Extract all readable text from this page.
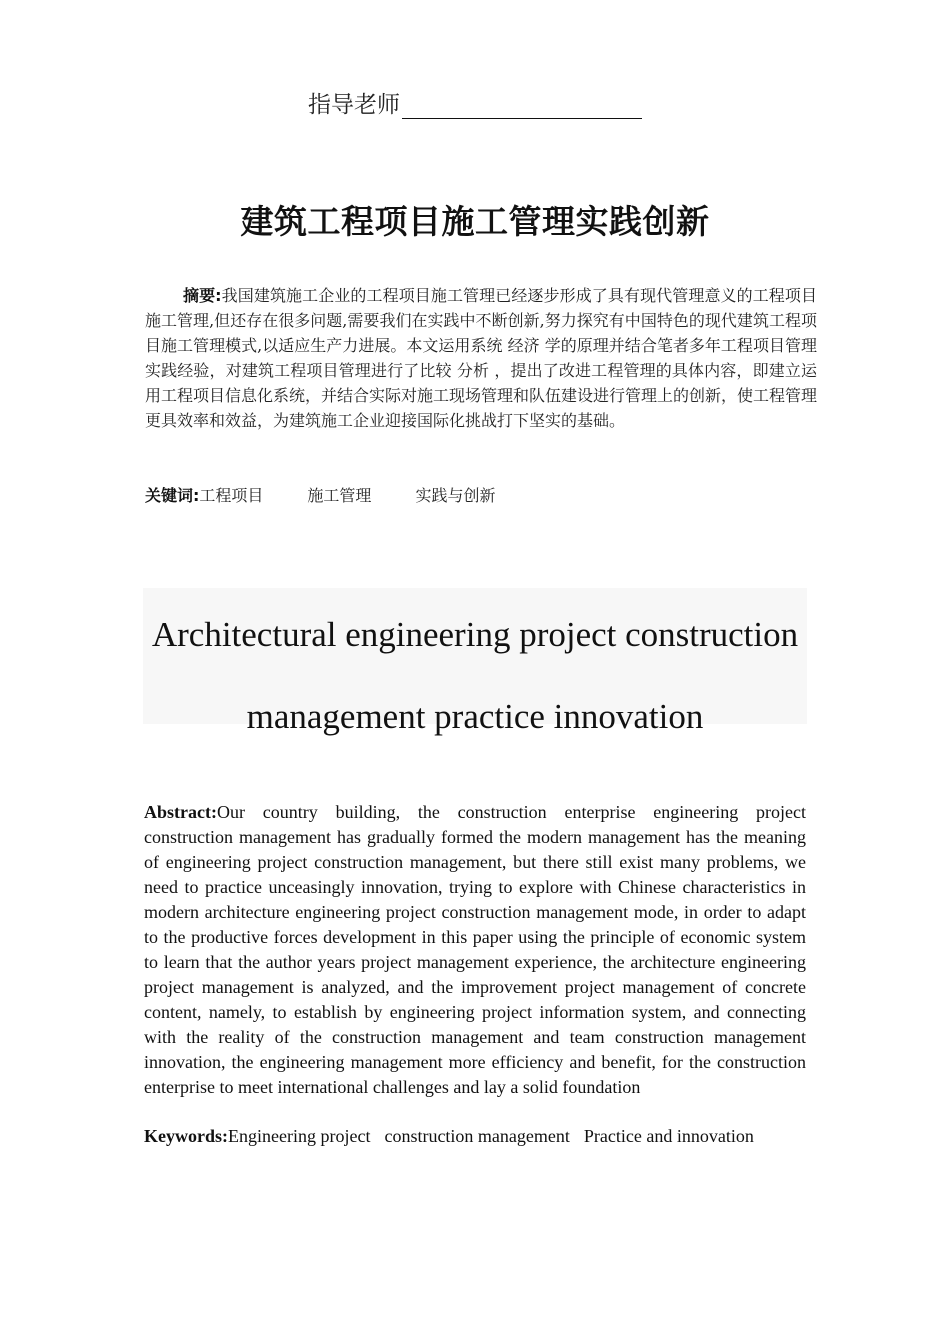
指导老师
建筑工程项目施工管理实践创新

摘要:我国建筑施工企业的工程项目施工管理已经逐步形成了具有现代管理意义的工程项目施工管理,但还存在很多问题,需要我们在实践中不断创新,努力探究有中国特色的现代建筑工程项目施工管理模式,以适应生产力进展。本文运用系统 经济 学的原理并结合笔者多年工程项目管理实践经验，对建筑工程项目管理进行了比较 分析 ，提出了改进工程管理的具体内容，即建立运用工程项目信息化系统，并结合实际对施工现场管理和队伍建设进行管理上的创新，使工程管理更具效率和效益，为建筑施工企业迎接国际化挑战打下坚实的基础。

关键词:工程项目	施工管理	实践与创新
Architectural engineering project construction
management practice innovation

Abstract:Our country building, the construction enterprise engineering project construction management has gradually formed the modern management has the meaning of engineering project construction management, but there still exist many problems, we need to practice unceasingly innovation, trying to explore with Chinese characteristics in modern architecture engineering project construction management mode, in order to adapt to the productive forces development in this paper using the principle of economic system to learn that the author years project management experience, the architecture engineering project management is analyzed, and the improvement project management of concrete content, namely, to establish by engineering project information system, and connecting with the reality of the construction management and team construction management innovation, the engineering management more efficiency and benefit, for the construction enterprise to meet international challenges and lay a solid foundation

Keywords:Engineering project construction management Practice and innovation
